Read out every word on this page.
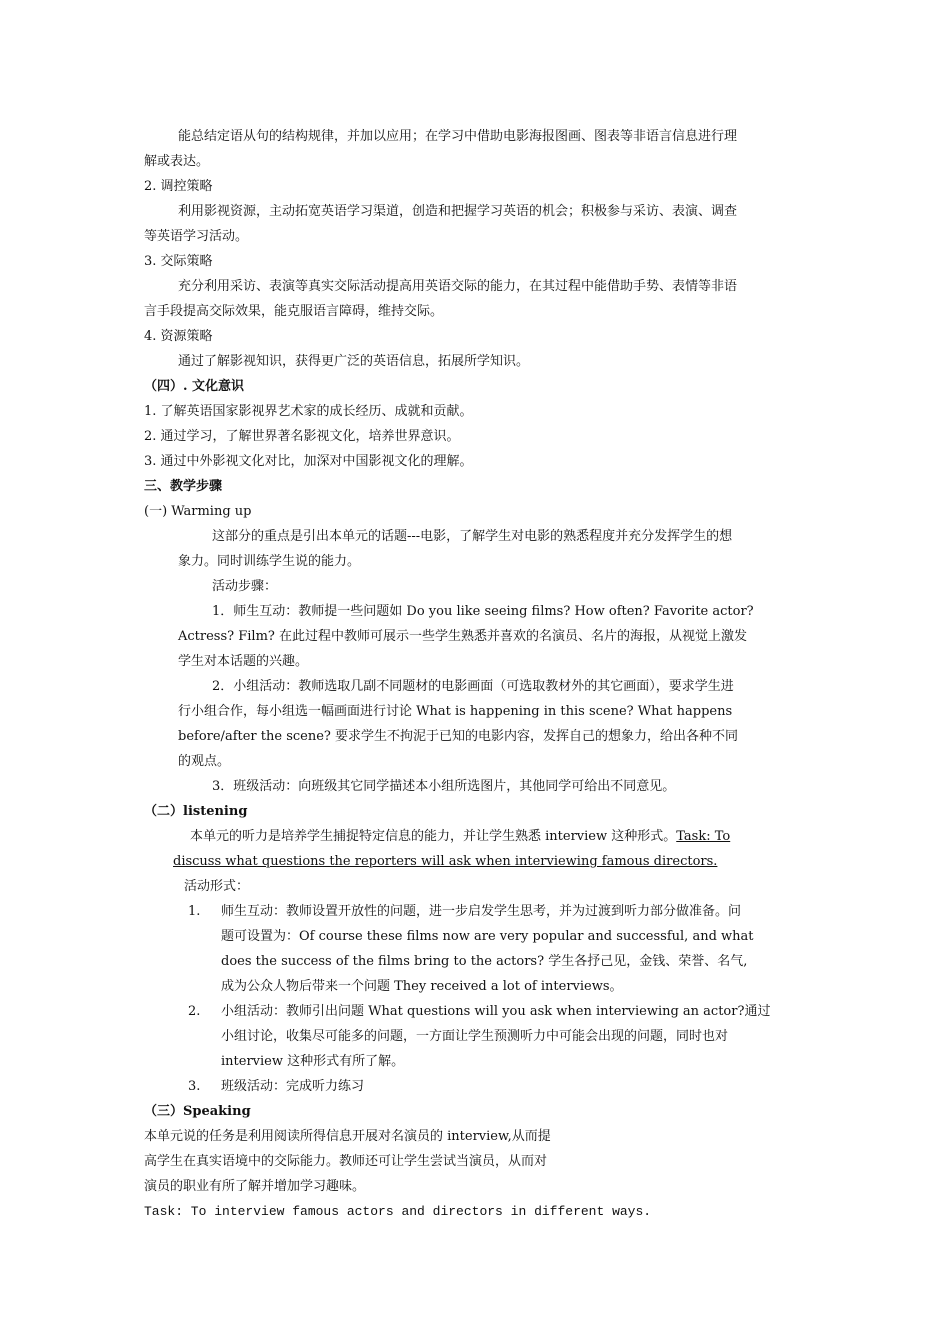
能总结定语从句的结构规律，并加以应用；在学习中借助电影海报图画、图表等非语言信息进行理
解或表达。
2. 调控策略
利用影视资源，主动拓宽英语学习渠道，创造和把握学习英语的机会；积极参与采访、表演、调查
等英语学习活动。
3. 交际策略
充分利用采访、表演等真实交际活动提高用英语交际的能力，在其过程中能借助手势、表情等非语
言手段提高交际效果，能克服语言障碍，维持交际。
4. 资源策略
通过了解影视知识，获得更广泛的英语信息，拓展所学知识。
（四）. 文化意识
1. 了解英语国家影视界艺术家的成长经历、成就和贡献。
2. 通过学习，了解世界著名影视文化，培养世界意识。
3. 通过中外影视文化对比，加深对中国影视文化的理解。
三、教学步骤
(一) Warming up
这部分的重点是引出本单元的话题---电影，了解学生对电影的熟悉程度并充分发挥学生的想
象力。同时训练学生说的能力。
活动步骤：
1．师生互动：教师提一些问题如 Do you like seeing films? How often? Favorite actor?
Actress? Film? 在此过程中教师可展示一些学生熟悉并喜欢的名演员、名片的海报，从视觉上激发
学生对本话题的兴趣。
2．小组活动：教师选取几副不同题材的电影画面（可选取教材外的其它画面），要求学生进
行小组合作，每小组选一幅画面进行讨论 What is happening in this scene? What happens
before/after the scene? 要求学生不拘泥于已知的电影内容，发挥自己的想象力，给出各种不同
的观点。
3．班级活动：向班级其它同学描述本小组所选图片，其他同学可给出不同意见。
（二）listening
本单元的听力是培养学生捕捉特定信息的能力，并让学生熟悉 interview 这种形式。Task: To
discuss what questions the reporters will ask when interviewing famous directors.
活动形式：
1. 师生互动：教师设置开放性的问题，进一步启发学生思考，并为过渡到听力部分做准备。问
题可设置为：Of course these films now are very popular and successful, and what
does the success of the films bring to the actors? 学生各抒己见，金钱、荣誉、名气,
成为公众人物后带来一个问题 They received a lot of interviews。
2. 小组活动：教师引出问题 What questions will you ask when interviewing an actor?通过
小组讨论，收集尽可能多的问题，一方面让学生预测听力中可能会出现的问题，同时也对
interview 这种形式有所了解。
3. 班级活动：完成听力练习
（三）Speaking
本单元说的任务是利用阅读所得信息开展对名演员的 interview,从而提
高学生在真实语境中的交际能力。教师还可让学生尝试当演员，从而对
演员的职业有所了解并增加学习趣味。
Task: To interview famous actors and directors in different ways.
